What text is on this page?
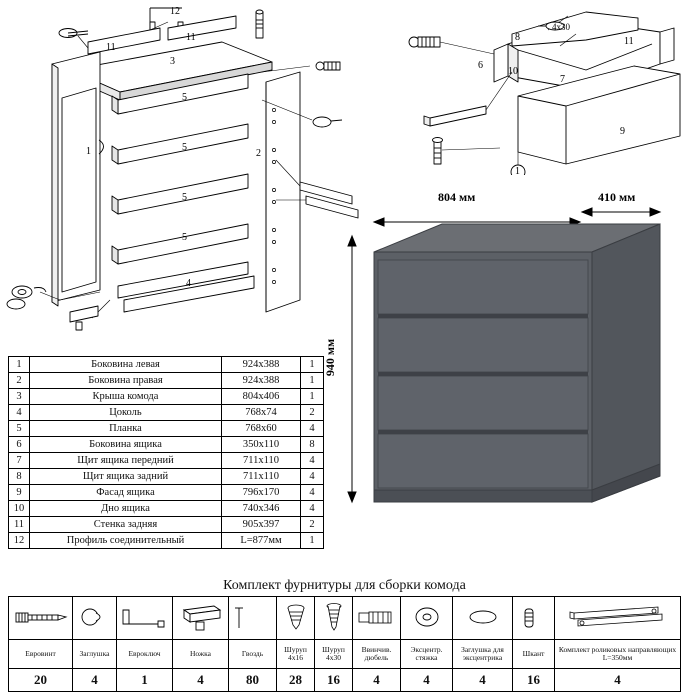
12
11
11
3
5
5
5
5
1	2
4
8	11
10
7
6
9
4x30
1
804 мм	410 мм
940 мм
1	Боковина левая	924x388	1
2	Боковина правая	924x388	1
3	Крыша комода	804x406	1
4	Цоколь	768x74	2
5	Планка	768x60	4
6	Боковина ящика	350x110	8
7	Щит ящика передний	711x110	4
8	Щит ящика задний	711x110	4
9	Фасад ящика	796x170	4
10	Дно ящика	740x346	4
11	Стенка задняя	905x397	2
12	Профиль соединительный	L=877мм	1
Комплект фурнитуры для сборки комода

Евровинт	Заглушка	Евроключ	Ножка	Гвоздь	Шуруп 4x16	Шуруп 4x30	Ввинчив. дюбель	Эксцентр. стяжка	Заглушка для эксцентрика	Шкант	Комплект роликовых направляющих L=350мм
20	4	1	4	80	28	16	4	4	4	16	4
